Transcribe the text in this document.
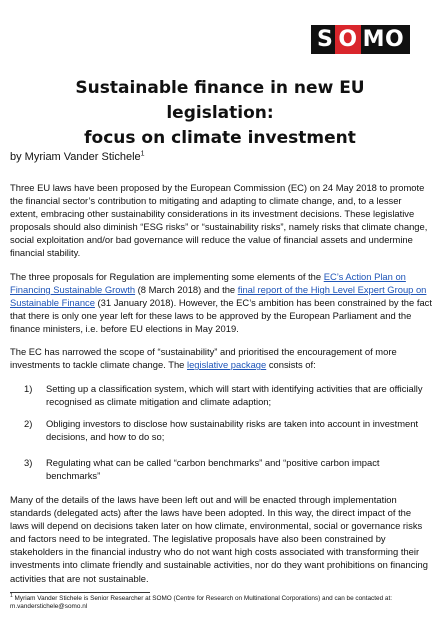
S O MO
Sustainable finance in new EU legislation:
focus on climate investment
by Myriam Vander Stichele$^1$
Three EU laws have been proposed by the European Commission (EC) on 24 May 2018 to promote the financial sector’s contribution to mitigating and adapting to climate change, and, to a lesser extent, embracing other sustainability considerations in its investment decisions. These legislative proposals should also diminish “ESG risks” or “sustainability risks”, namely risks that climate change, social exploitation and/or bad governance will reduce the value of financial assets and undermine financial stability.
The three proposals for Regulation are implementing some elements of the EC’s Action Plan on Financing Sustainable Growth (8 March 2018) and the final report of the High Level Expert Group on Sustainable Finance (31 January 2018). However, the EC’s ambition has been constrained by the fact that there is only one year left for these laws to be approved by the European Parliament and the finance ministers, i.e. before EU elections in May 2019.
The EC has narrowed the scope of “sustainability” and prioritised the encouragement of more investments to tackle climate change. The legislative package consists of:
1)	Setting up a classification system, which will start with identifying activities that are officially recognised as climate mitigation and climate adaption;
2)	Obliging investors to disclose how sustainability risks are taken into account in investment decisions, and how to do so;
3)	Regulating what can be called “carbon benchmarks” and “positive carbon impact benchmarks”
Many of the details of the laws have been left out and will be enacted through implementation standards (delegated acts) after the laws have been adopted. In this way, the direct impact of the laws will depend on decisions taken later on how climate, environmental, social or governance risks and factors need to be integrated. The legislative proposals have also been constrained by stakeholders in the financial industry who do not want high costs associated with transforming their investments into climate friendly and sustainable activities, nor do they want prohibitions on financing activities that are not sustainable.
$^1$ Myriam Vander Stichele is Senior Researcher at SOMO (Centre for Research on Multinational Corporations) and can be contacted at: m.vanderstichele@somo.nl
